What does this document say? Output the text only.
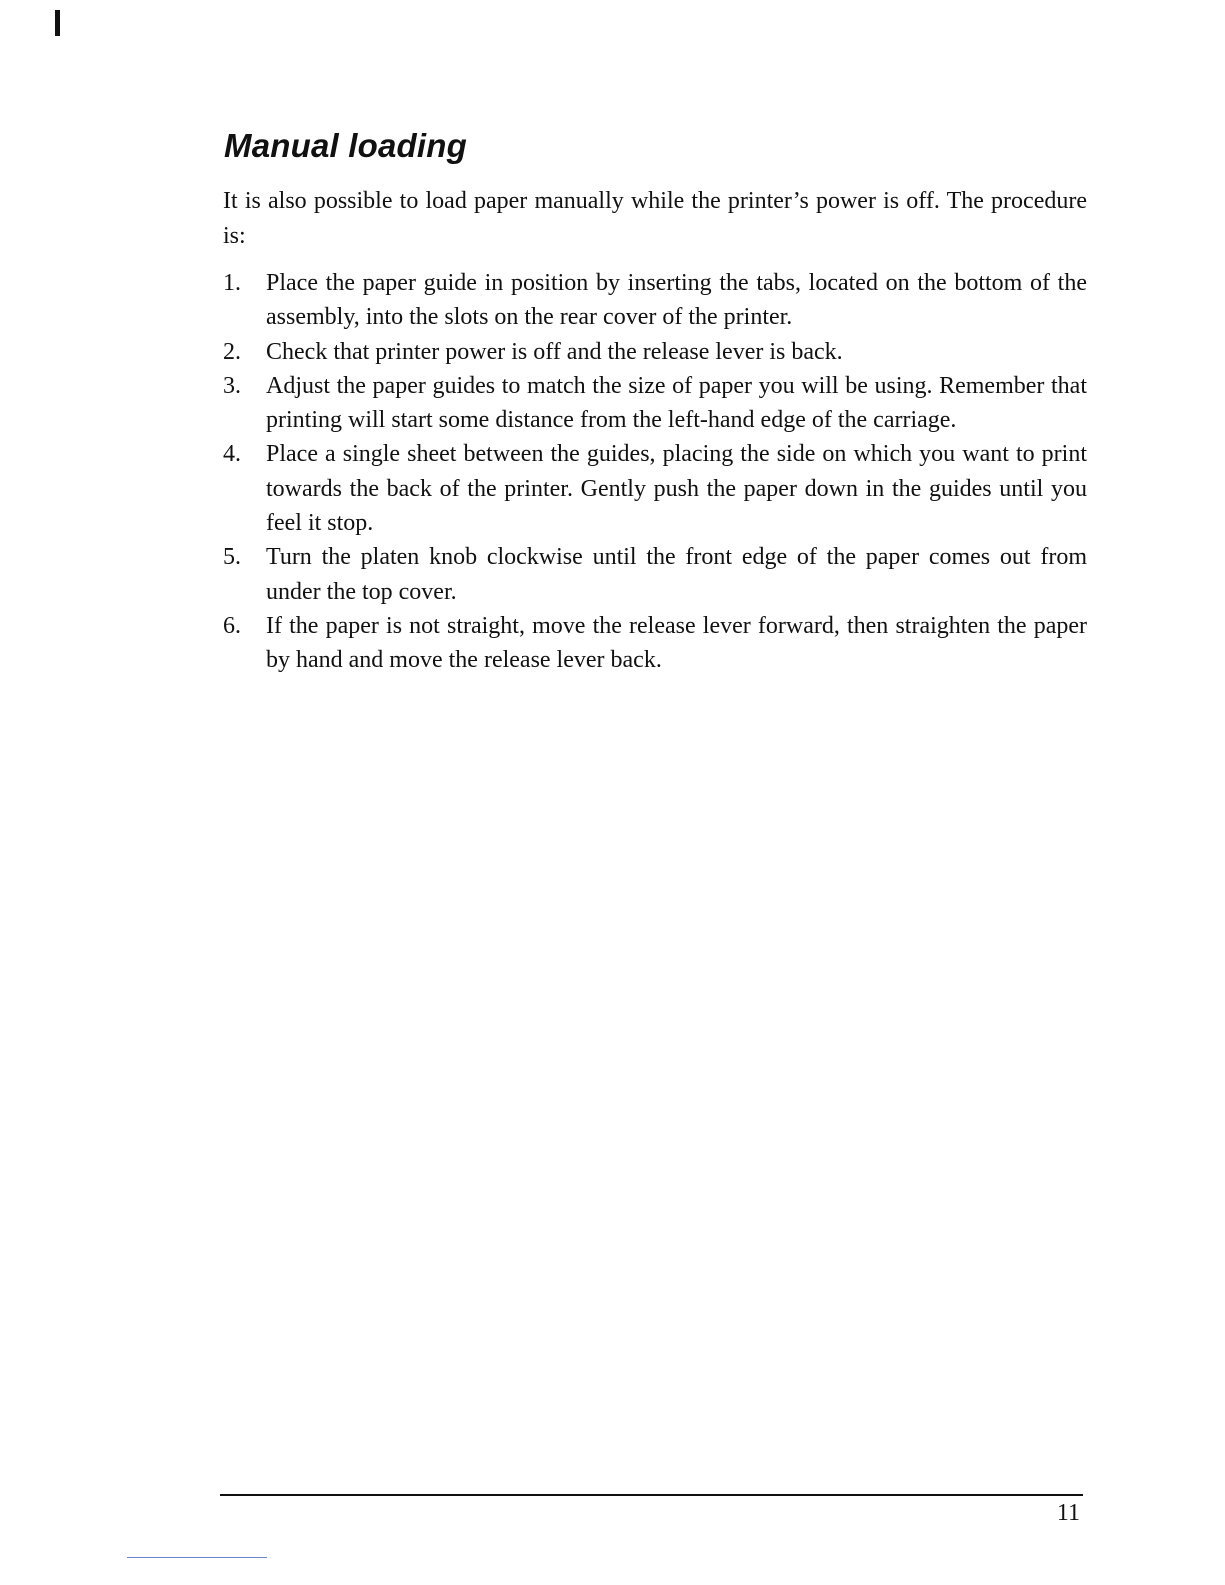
Manual loading

It is also possible to load paper manually while the printer’s power is off. The procedure is:

1. Place the paper guide in position by inserting the tabs, located on the bottom of the assembly, into the slots on the rear cover of the printer.
2. Check that printer power is off and the release lever is back.
3. Adjust the paper guides to match the size of paper you will be using. Remember that printing will start some distance from the left-hand edge of the carriage.
4. Place a single sheet between the guides, placing the side on which you want to print towards the back of the printer. Gently push the paper down in the guides until you feel it stop.
5. Turn the platen knob clockwise until the front edge of the paper comes out from under the top cover.
6. If the paper is not straight, move the release lever forward, then straighten the paper by hand and move the release lever back.
11
